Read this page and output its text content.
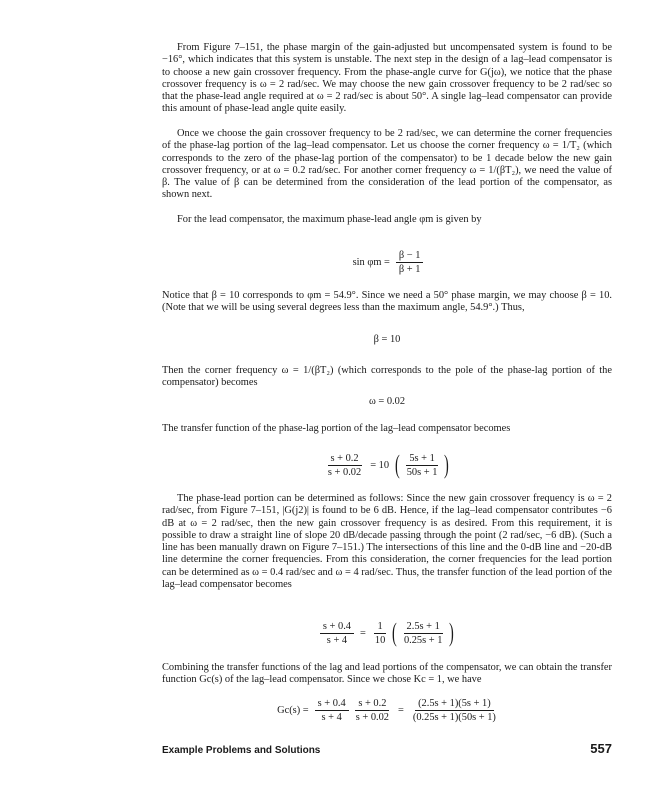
From Figure 7–151, the phase margin of the gain-adjusted but uncompensated system is found to be −16°, which indicates that this system is unstable. The next step in the design of a lag–lead compensator is to choose a new gain crossover frequency. From the phase-angle curve for G(jω), we notice that the phase crossover frequency is ω = 2 rad/sec. We may choose the new gain crossover frequency to be 2 rad/sec so that the phase-lead angle required at ω = 2 rad/sec is about 50°. A single lag–lead compensator can provide this amount of phase-lead angle quite easily.

Once we choose the gain crossover frequency to be 2 rad/sec, we can determine the corner frequencies of the phase-lag portion of the lag–lead compensator. Let us choose the corner frequency ω = 1/T₂ (which corresponds to the zero of the phase-lag portion of the compensator) to be 1 decade below the new gain crossover frequency, or at ω = 0.2 rad/sec. For another corner frequency ω = 1/(βT₂), we need the value of β. The value of β can be determined from the consideration of the lead portion of the compensator, as shown next.

For the lead compensator, the maximum phase-lead angle φm is given by

$\sin \varphi m = \frac{\beta - 1}{\beta + 1}$

Notice that β = 10 corresponds to φm = 54.9°. Since we need a 50° phase margin, we may choose β = 10. (Note that we will be using several degrees less than the maximum angle, 54.9°.) Thus,

β = 10

Then the corner frequency ω = 1/(βT₂) (which corresponds to the pole of the phase-lag portion of the compensator) becomes

ω = 0.02

The transfer function of the phase-lag portion of the lag–lead compensator becomes

$\frac{s + 0.2}{s + 0.02} = 10$ ( $\frac{5s + 1}{50s + 1}$ )

The phase-lead portion can be determined as follows: Since the new gain crossover frequency is ω = 2 rad/sec, from Figure 7–151, |G(j2)| is found to be 6 dB. Hence, if the lag–lead compensator contributes −6 dB at ω = 2 rad/sec, then the new gain crossover frequency is as desired. From this requirement, it is possible to draw a straight line of slope 20 dB/decade passing through the point (2 rad/sec, −6 dB). (Such a line has been manually drawn on Figure 7–151.) The intersections of this line and the 0-dB line and −20-dB line determine the corner frequencies. From this consideration, the corner frequencies for the lead portion can be determined as ω = 0.4 rad/sec and ω = 4 rad/sec. Thus, the transfer function of the lead portion of the lag–lead compensator becomes

$\frac{s + 0.4}{s + 4} = \frac{1}{10}$ ( $\frac{2.5s + 1}{0.25s + 1}$ )

Combining the transfer functions of the lag and lead portions of the compensator, we can obtain the transfer function Gc(s) of the lag–lead compensator. Since we chose Kc = 1, we have

$Gc(s) = \frac{s + 0.4}{s + 4} \frac{s + 0.2}{s + 0.02} = \frac{(2.5s + 1)(5s + 1)}{(0.25s + 1)(50s + 1)}$
Example Problems and Solutions	557
